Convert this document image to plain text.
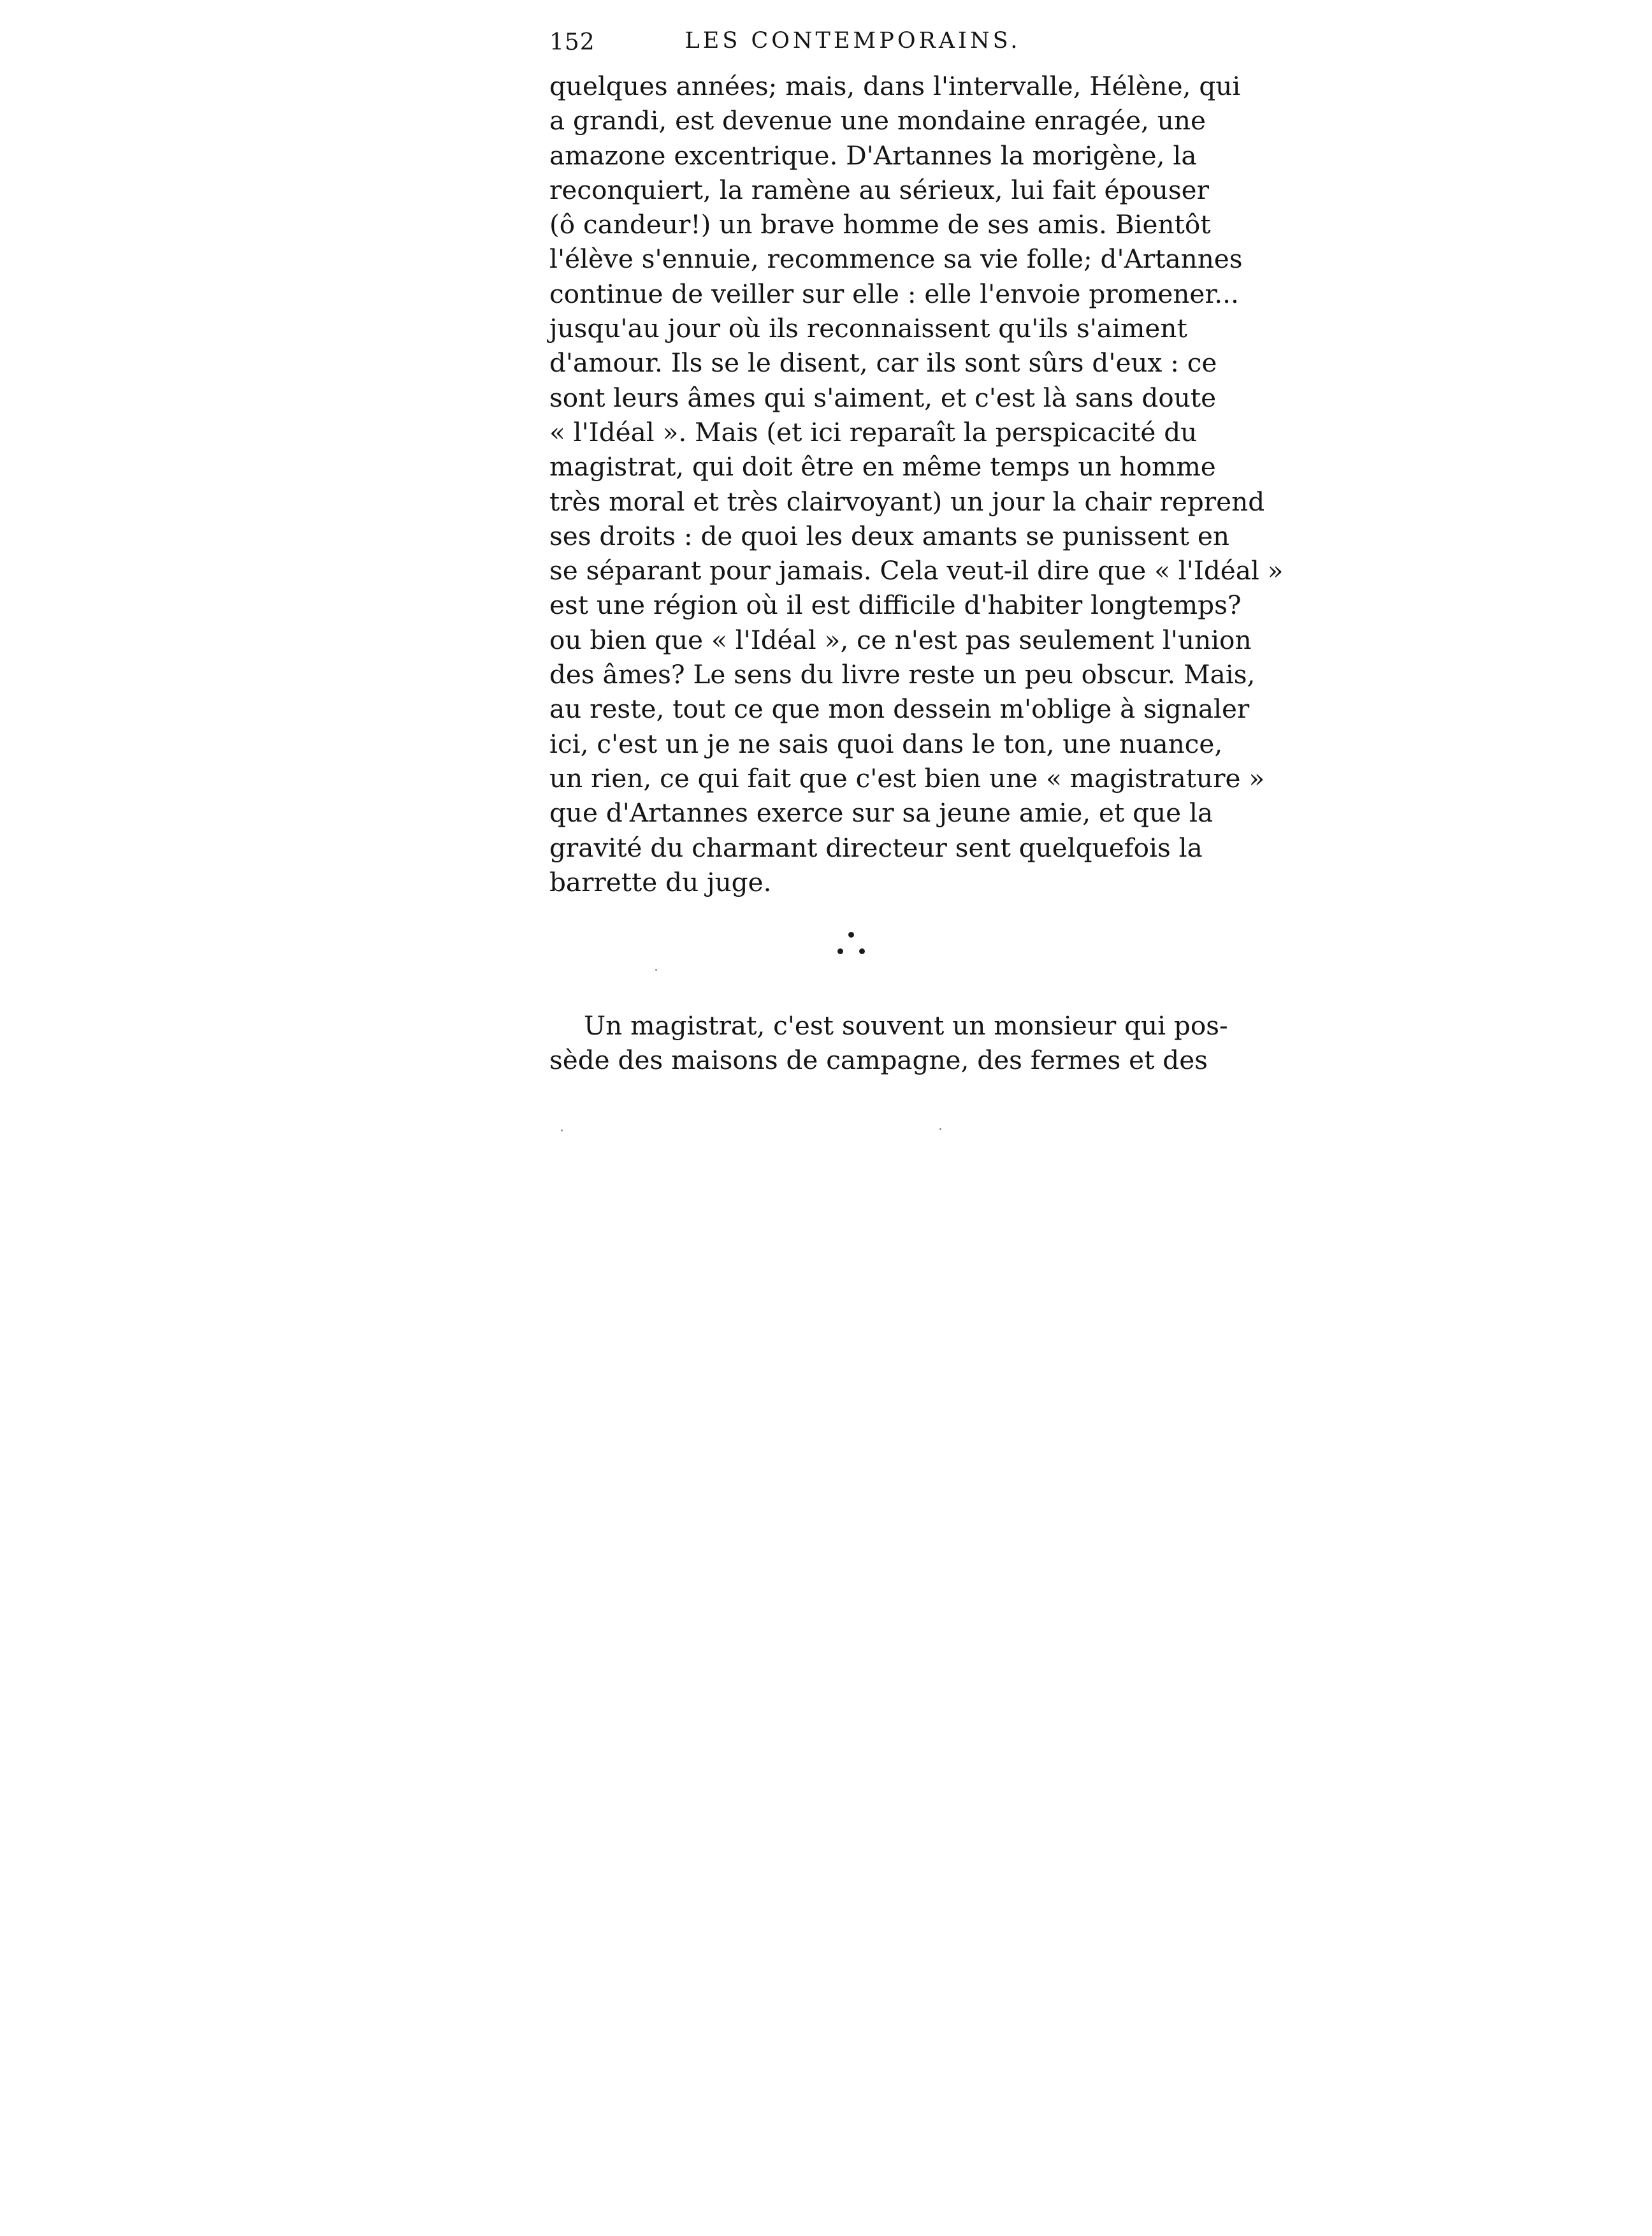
152	LES CONTEMPORAINS.
quelques années; mais, dans l'intervalle, Hélène, qui
a grandi, est devenue une mondaine enragée, une
amazone excentrique. D'Artannes la morigène, la
reconquiert, la ramène au sérieux, lui fait épouser
(ô candeur!) un brave homme de ses amis. Bientôt
l'élève s'ennuie, recommence sa vie folle; d'Artannes
continue de veiller sur elle : elle l'envoie promener...
jusqu'au jour où ils reconnaissent qu'ils s'aiment
d'amour. Ils se le disent, car ils sont sûrs d'eux : ce
sont leurs âmes qui s'aiment, et c'est là sans doute
« l'Idéal ». Mais (et ici reparaît la perspicacité du
magistrat, qui doit être en même temps un homme
très moral et très clairvoyant) un jour la chair reprend
ses droits : de quoi les deux amants se punissent en
se séparant pour jamais. Cela veut-il dire que « l'Idéal »
est une région où il est difficile d'habiter longtemps?
ou bien que « l'Idéal », ce n'est pas seulement l'union
des âmes? Le sens du livre reste un peu obscur. Mais,
au reste, tout ce que mon dessein m'oblige à signaler
ici, c'est un je ne sais quoi dans le ton, une nuance,
un rien, ce qui fait que c'est bien une « magistrature »
que d'Artannes exerce sur sa jeune amie, et que la
gravité du charmant directeur sent quelquefois la
barrette du juge.
Un magistrat, c'est souvent un monsieur qui pos-
sède des maisons de campagne, des fermes et des
